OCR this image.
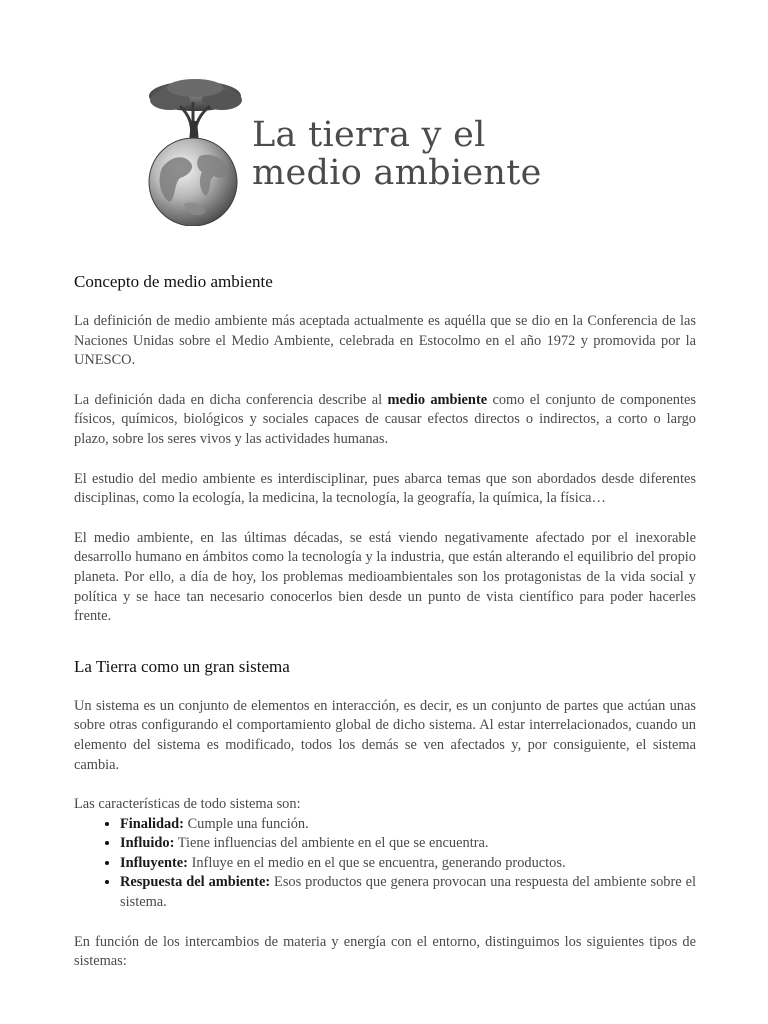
La tierra y el
medio ambiente
Concepto de medio ambiente

La definición de medio ambiente más aceptada actualmente es aquélla que se dio en la Conferencia de las Naciones Unidas sobre el Medio Ambiente, celebrada en Estocolmo en el año 1972 y promovida por la UNESCO.

La definición dada en dicha conferencia describe al medio ambiente como el conjunto de componentes físicos, químicos, biológicos y sociales capaces de causar efectos directos o indirectos, a corto o largo plazo, sobre los seres vivos y las actividades humanas.

El estudio del medio ambiente es interdisciplinar, pues abarca temas que son abordados desde diferentes disciplinas, como la ecología, la medicina, la tecnología, la geografía, la química, la física…

El medio ambiente, en las últimas décadas, se está viendo negativamente afectado por el inexorable desarrollo humano en ámbitos como la tecnología y la industria, que están alterando el equilibrio del propio planeta. Por ello, a día de hoy, los problemas medioambientales son los protagonistas de la vida social y política y se hace tan necesario conocerlos bien desde un punto de vista científico para poder hacerles frente.

La Tierra como un gran sistema

Un sistema es un conjunto de elementos en interacción, es decir, es un conjunto de partes que actúan unas sobre otras configurando el comportamiento global de dicho sistema. Al estar interrelacionados, cuando un elemento del sistema es modificado, todos los demás se ven afectados y, por consiguiente, el sistema cambia.

Las características de todo sistema son:

• Finalidad: Cumple una función.
• Influido: Tiene influencias del ambiente en el que se encuentra.
• Influyente: Influye en el medio en el que se encuentra, generando productos.
• Respuesta del ambiente: Esos productos que genera provocan una respuesta del ambiente sobre el sistema.

En función de los intercambios de materia y energía con el entorno, distinguimos los siguientes tipos de sistemas:
